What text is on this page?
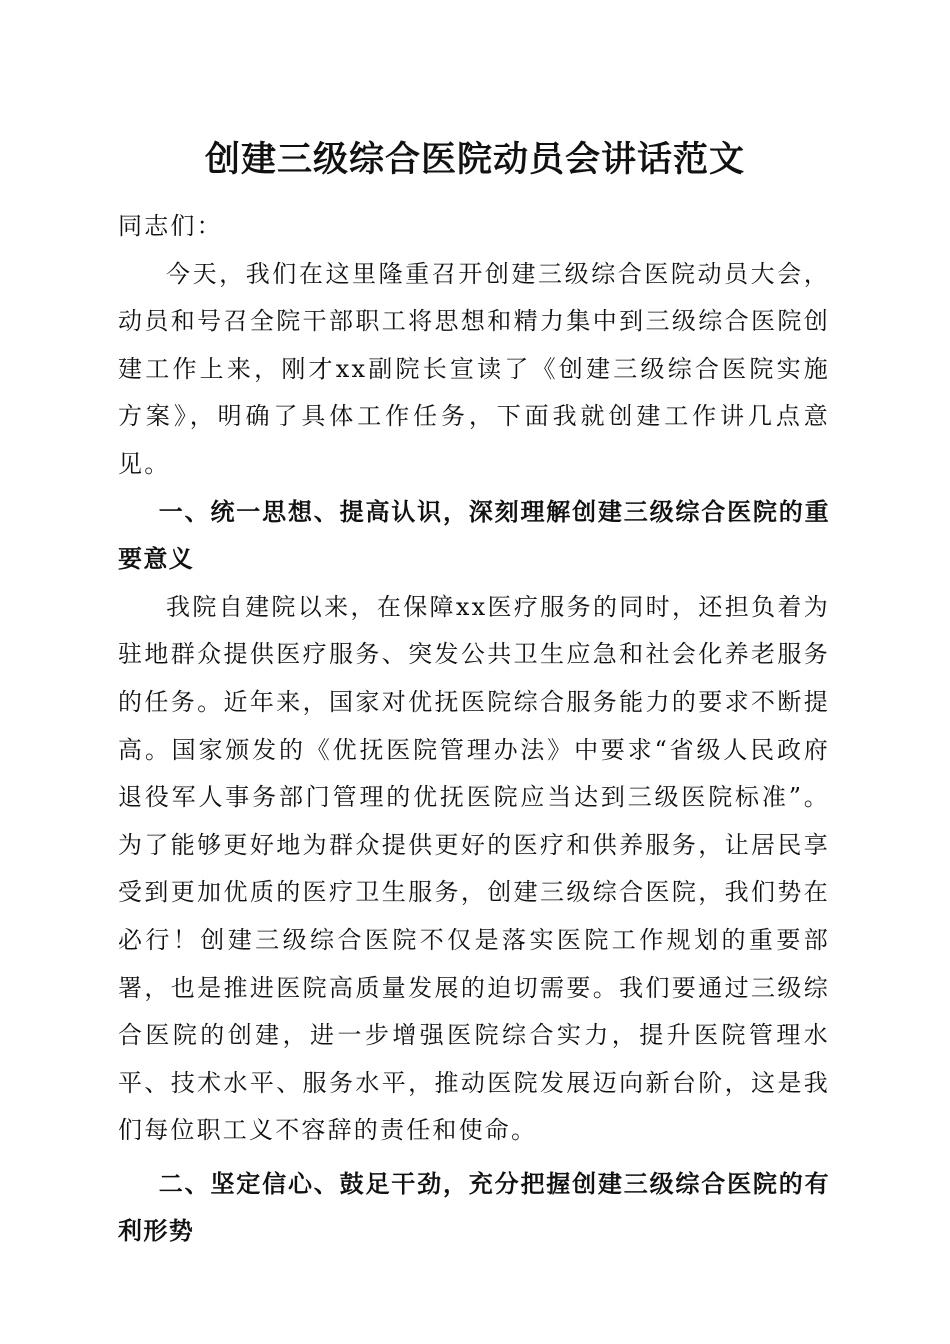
创建三级综合医院动员会讲话范文

同志们：

今天，我们在这里隆重召开创建三级综合医院动员大会，动员和号召全院干部职工将思想和精力集中到三级综合医院创建工作上来，刚才xx副院长宣读了《创建三级综合医院实施方案》，明确了具体工作任务，下面我就创建工作讲几点意见。

一、统一思想、提高认识，深刻理解创建三级综合医院的重要意义

我院自建院以来，在保障xx医疗服务的同时，还担负着为驻地群众提供医疗服务、突发公共卫生应急和社会化养老服务的任务。近年来，国家对优抚医院综合服务能力的要求不断提高。国家颁发的《优抚医院管理办法》中要求“省级人民政府退役军人事务部门管理的优抚医院应当达到三级医院标准”。为了能够更好地为群众提供更好的医疗和供养服务，让居民享受到更加优质的医疗卫生服务，创建三级综合医院，我们势在必行！创建三级综合医院不仅是落实医院工作规划的重要部署，也是推进医院高质量发展的迫切需要。我们要通过三级综合医院的创建，进一步增强医院综合实力，提升医院管理水平、技术水平、服务水平，推动医院发展迈向新台阶，这是我们每位职工义不容辞的责任和使命。

二、坚定信心、鼓足干劲，充分把握创建三级综合医院的有利形势
